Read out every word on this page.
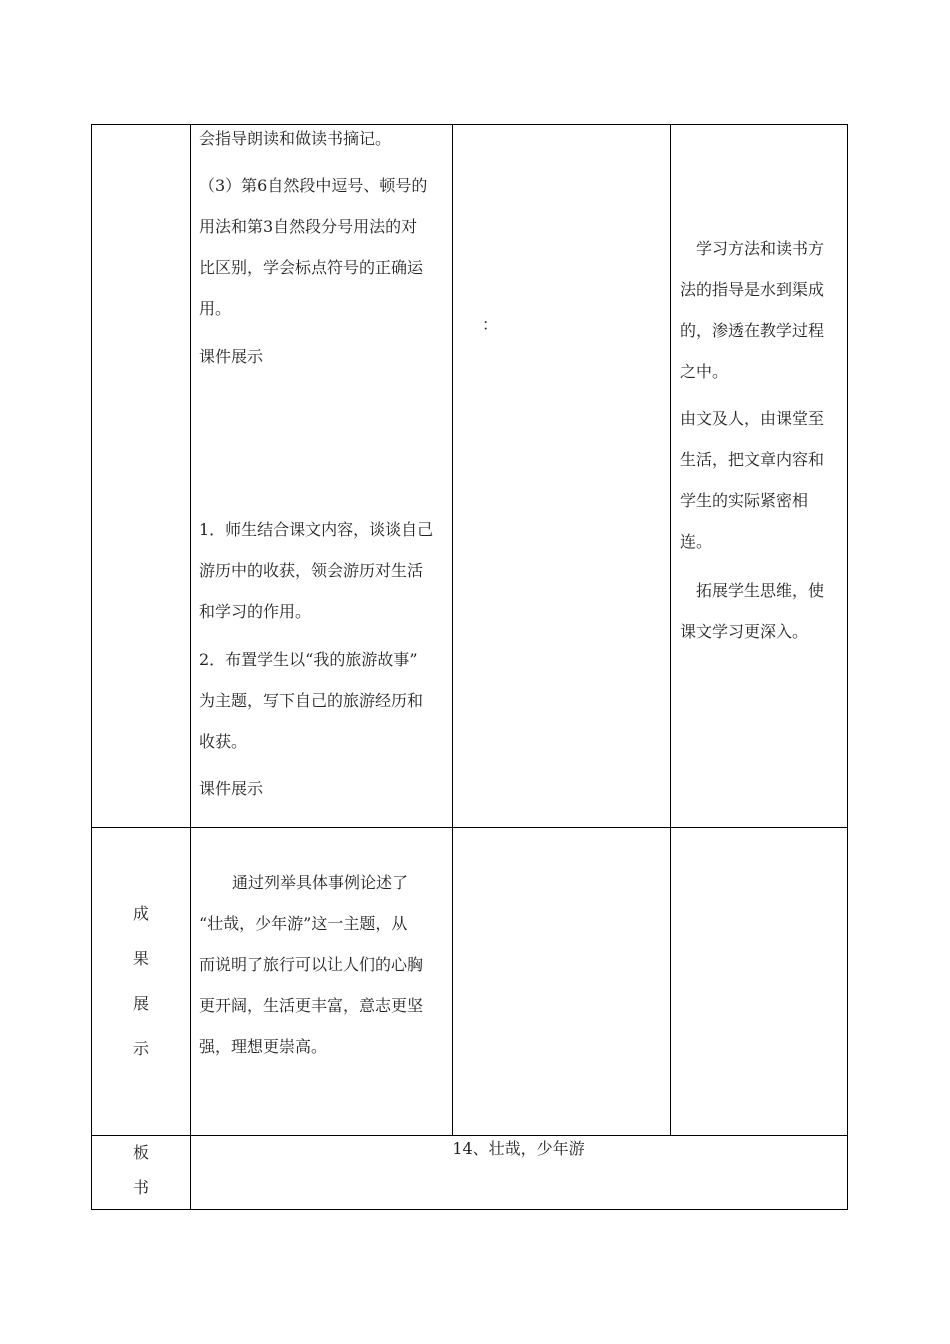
会指导朗读和做读书摘记。

（3）第6自然段中逗号、顿号的

用法和第3自然段分号用法的对

比区别，学会标点符号的正确运

用。

课件展示

1．师生结合课文内容，谈谈自己

游历中的收获，领会游历对生活

和学习的作用。

2．布置学生以“我的旅游故事”

为主题，写下自己的旅游经历和

收获。

课件展示

：

　学习方法和读书方

法的指导是水到渠成

的，渗透在教学过程

之中。

由文及人，由课堂至

生活，把文章内容和

学生的实际紧密相

连。

　拓展学生思维，使

课文学习更深入。

成
果
展
示

通过列举具体事例论述了

“壮哉，少年游”这一主题，从

而说明了旅行可以让人们的心胸

更开阔，生活更丰富，意志更坚

强，理想更崇高。

板
书
14、壮哉，少年游
